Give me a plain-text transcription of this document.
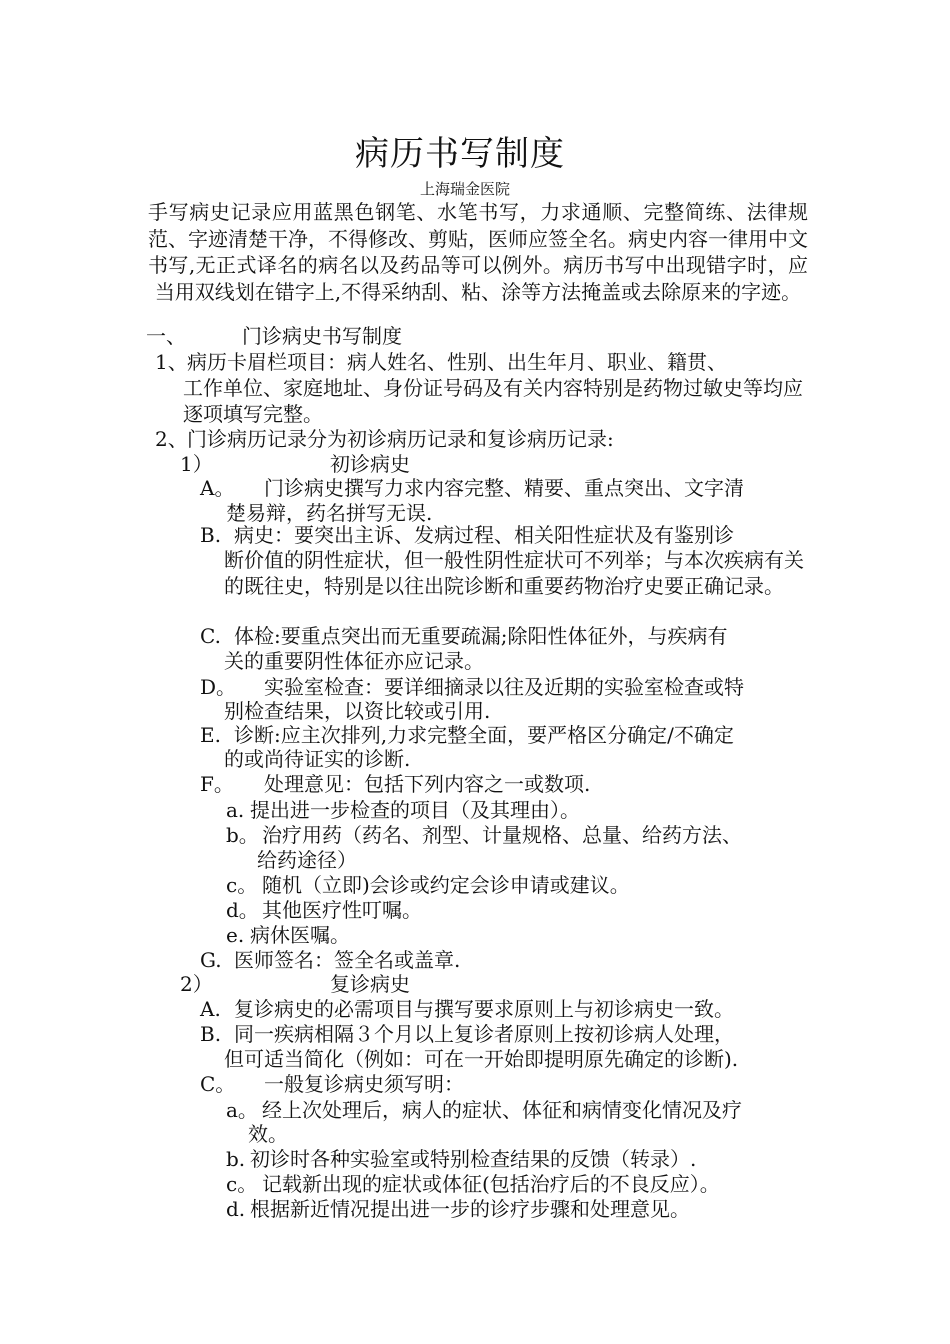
病历书写制度
上海瑞金医院
手写病史记录应用蓝黑色钢笔、水笔书写，力求通顺、完整简练、法律规范、字迹清楚干净，不得修改、剪贴，医师应签全名。病史内容一律用中文书写,无正式译名的病名以及药品等可以例外。病历书写中出现错字时，应当用双线划在错字上,不得采纳刮、粘、涂等方法掩盖或去除原来的字迹。
一、	门诊病史书写制度
1、 病历卡眉栏项目：病人姓名、性别、出生年月、职业、籍贯、
工作单位、家庭地址、身份证号码及有关内容特别是药物过敏史等均应逐项填写完整。
2、 门诊病历记录分为初诊病历记录和复诊病历记录:
1）	初诊病史
A。 门诊病史撰写力求内容完整、精要、重点突出、文字清
楚易辩，药名拼写无误.
B. 病史：要突出主诉、发病过程、相关阳性症状及有鉴别诊
断价值的阴性症状，但一般性阴性症状可不列举；与本次疾病有关的既往史，特别是以往出院诊断和重要药物治疗史要正确记录。
C. 体检:要重点突出而无重要疏漏;除阳性体征外，与疾病有
关的重要阴性体征亦应记录。
D。 实验室检查：要详细摘录以往及近期的实验室检查或特
别检查结果，以资比较或引用.
E. 诊断:应主次排列,力求完整全面，要严格区分确定/不确定
的或尚待证实的诊断.
F。 处理意见：包括下列内容之一或数项.
a. 提出进一步检查的项目（及其理由）。
b。 治疗用药（药名、剂型、计量规格、总量、给药方法、
给药途径）
c。 随机（立即)会诊或约定会诊申请或建议。
d。 其他医疗性叮嘱。
e. 病休医嘱。
G. 医师签名：签全名或盖章.
2）	复诊病史
A. 复诊病史的必需项目与撰写要求原则上与初诊病史一致。
B. 同一疾病相隔３个月以上复诊者原则上按初诊病人处理，
但可适当简化（例如：可在一开始即提明原先确定的诊断).
C。 一般复诊病史须写明：
a。 经上次处理后，病人的症状、体征和病情变化情况及疗
效。
b. 初诊时各种实验室或特别检查结果的反馈（转录）.
c。 记载新出现的症状或体征(包括治疗后的不良反应）。
d. 根据新近情况提出进一步的诊疗步骤和处理意见。
